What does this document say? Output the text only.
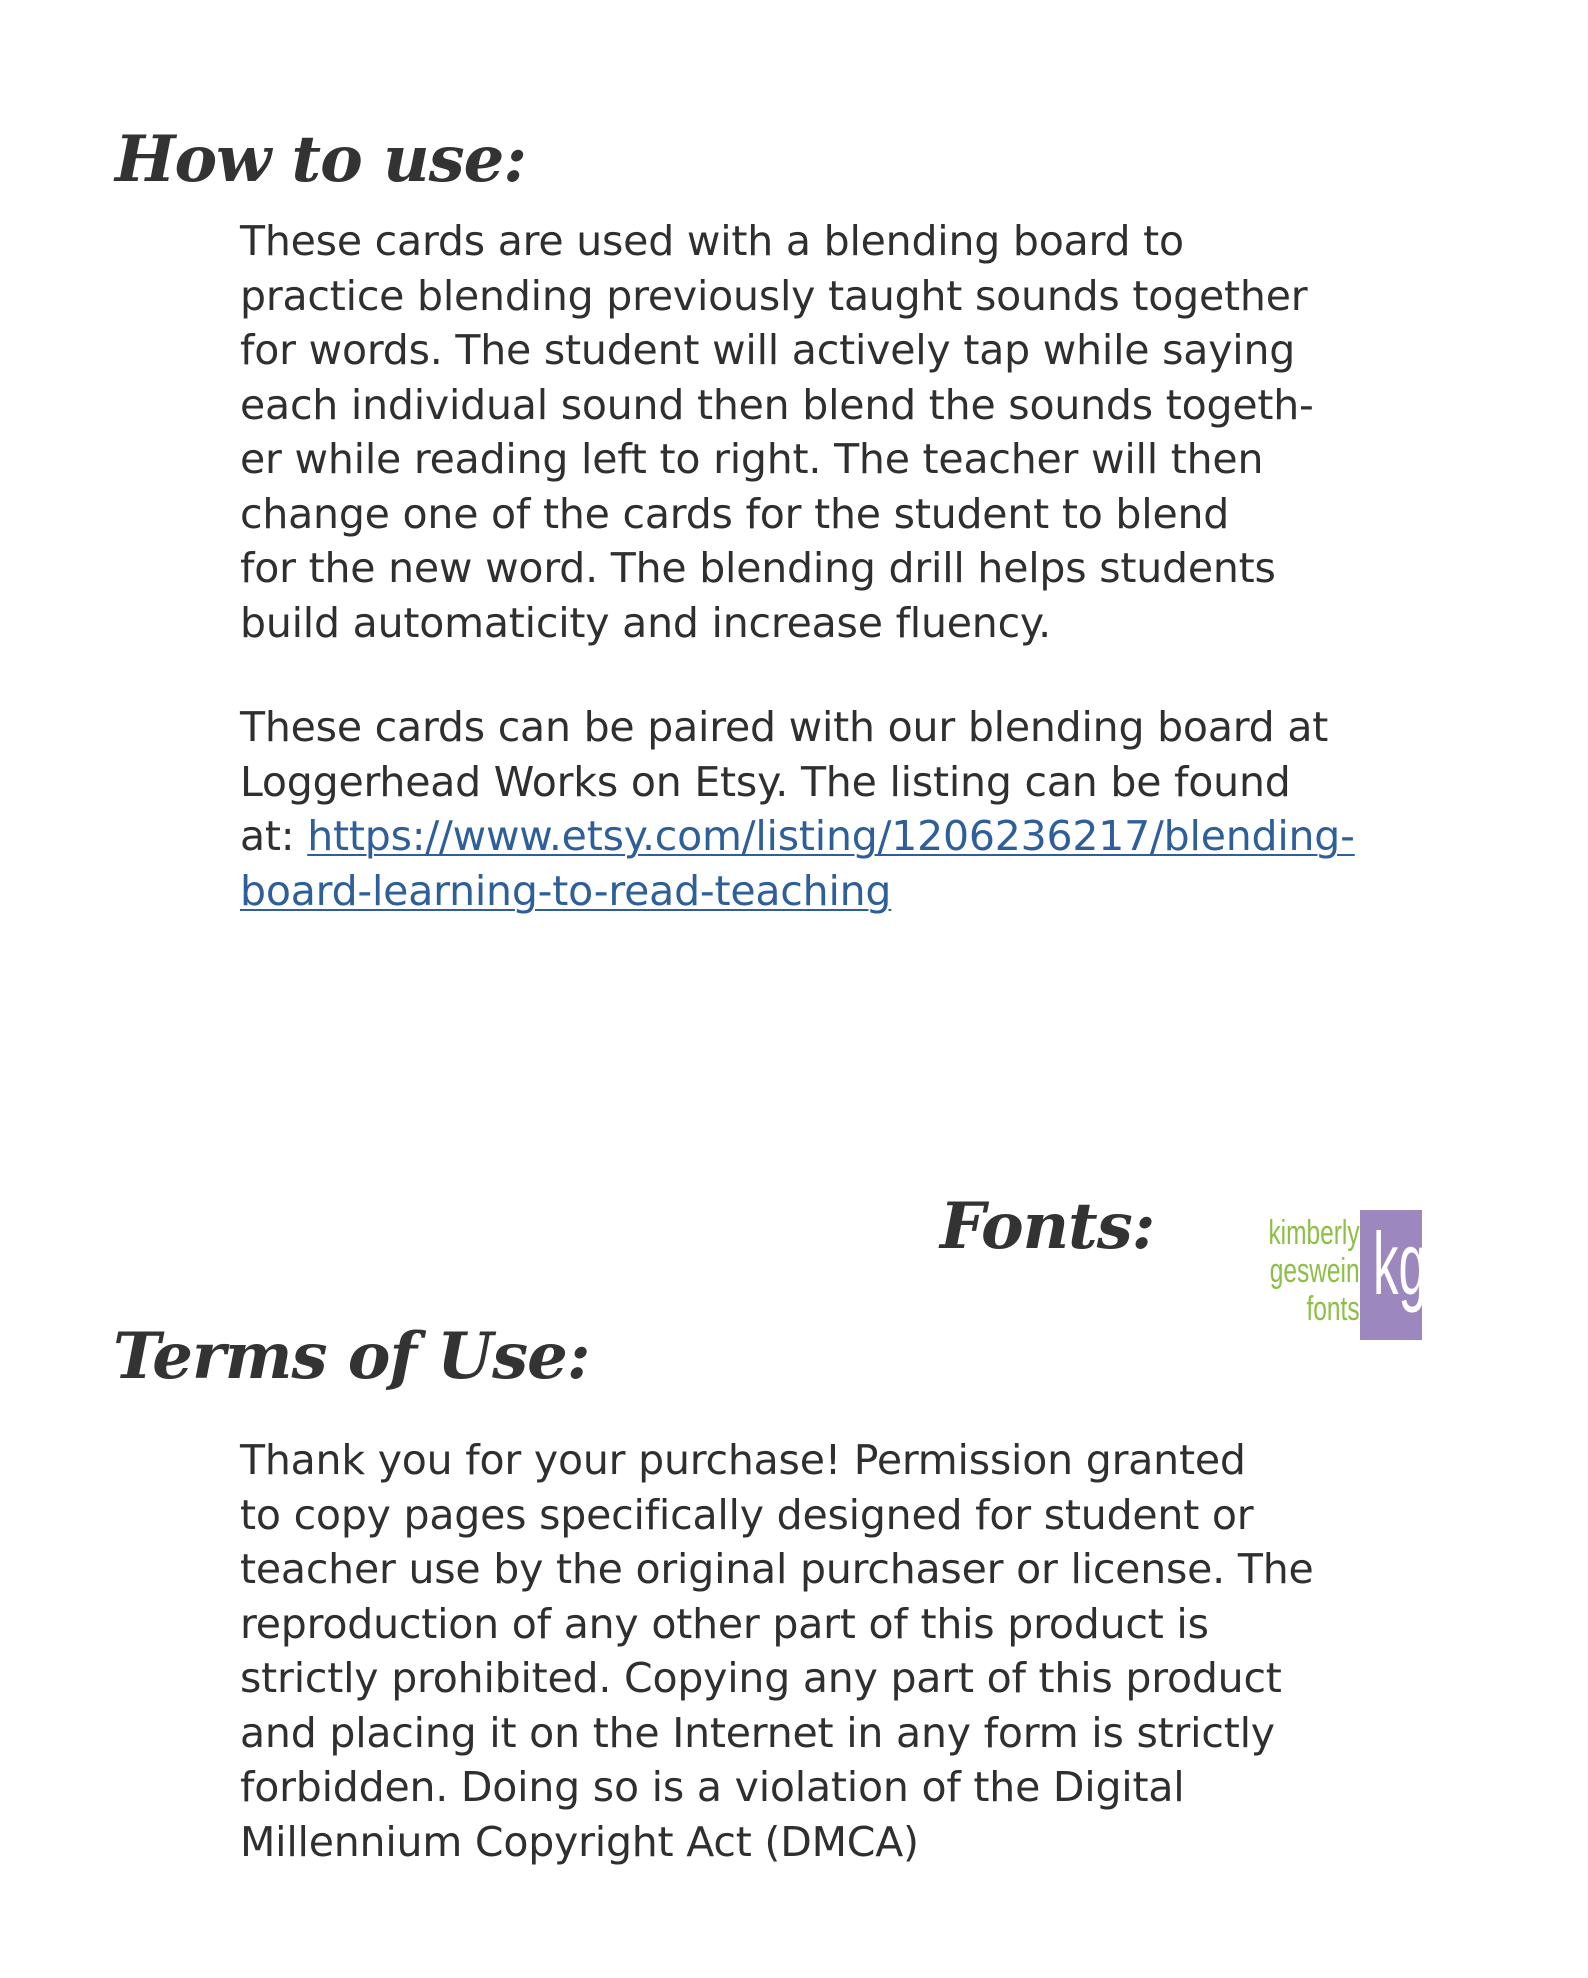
How to use:

These cards are used with a blending board to
practice blending previously taught sounds together
for words. The student will actively tap while saying
each individual sound then blend the sounds togeth-
er while reading left to right. The teacher will then
change one of the cards for the student to blend
for the new word. The blending drill helps students
build automaticity and increase fluency.

These cards can be paired with our blending board at
Loggerhead Works on Etsy. The listing can be found
at: https://www.etsy.com/listing/1206236217/blending-
board-learning-to-read-teaching

Fonts:	kimberly
geswein
fonts kg
Terms of Use:

Thank you for your purchase! Permission granted
to copy pages specifically designed for student or
teacher use by the original purchaser or license. The
reproduction of any other part of this product is
strictly prohibited. Copying any part of this product
and placing it on the Internet in any form is strictly
forbidden. Doing so is a violation of the Digital
Millennium Copyright Act (DMCA)
